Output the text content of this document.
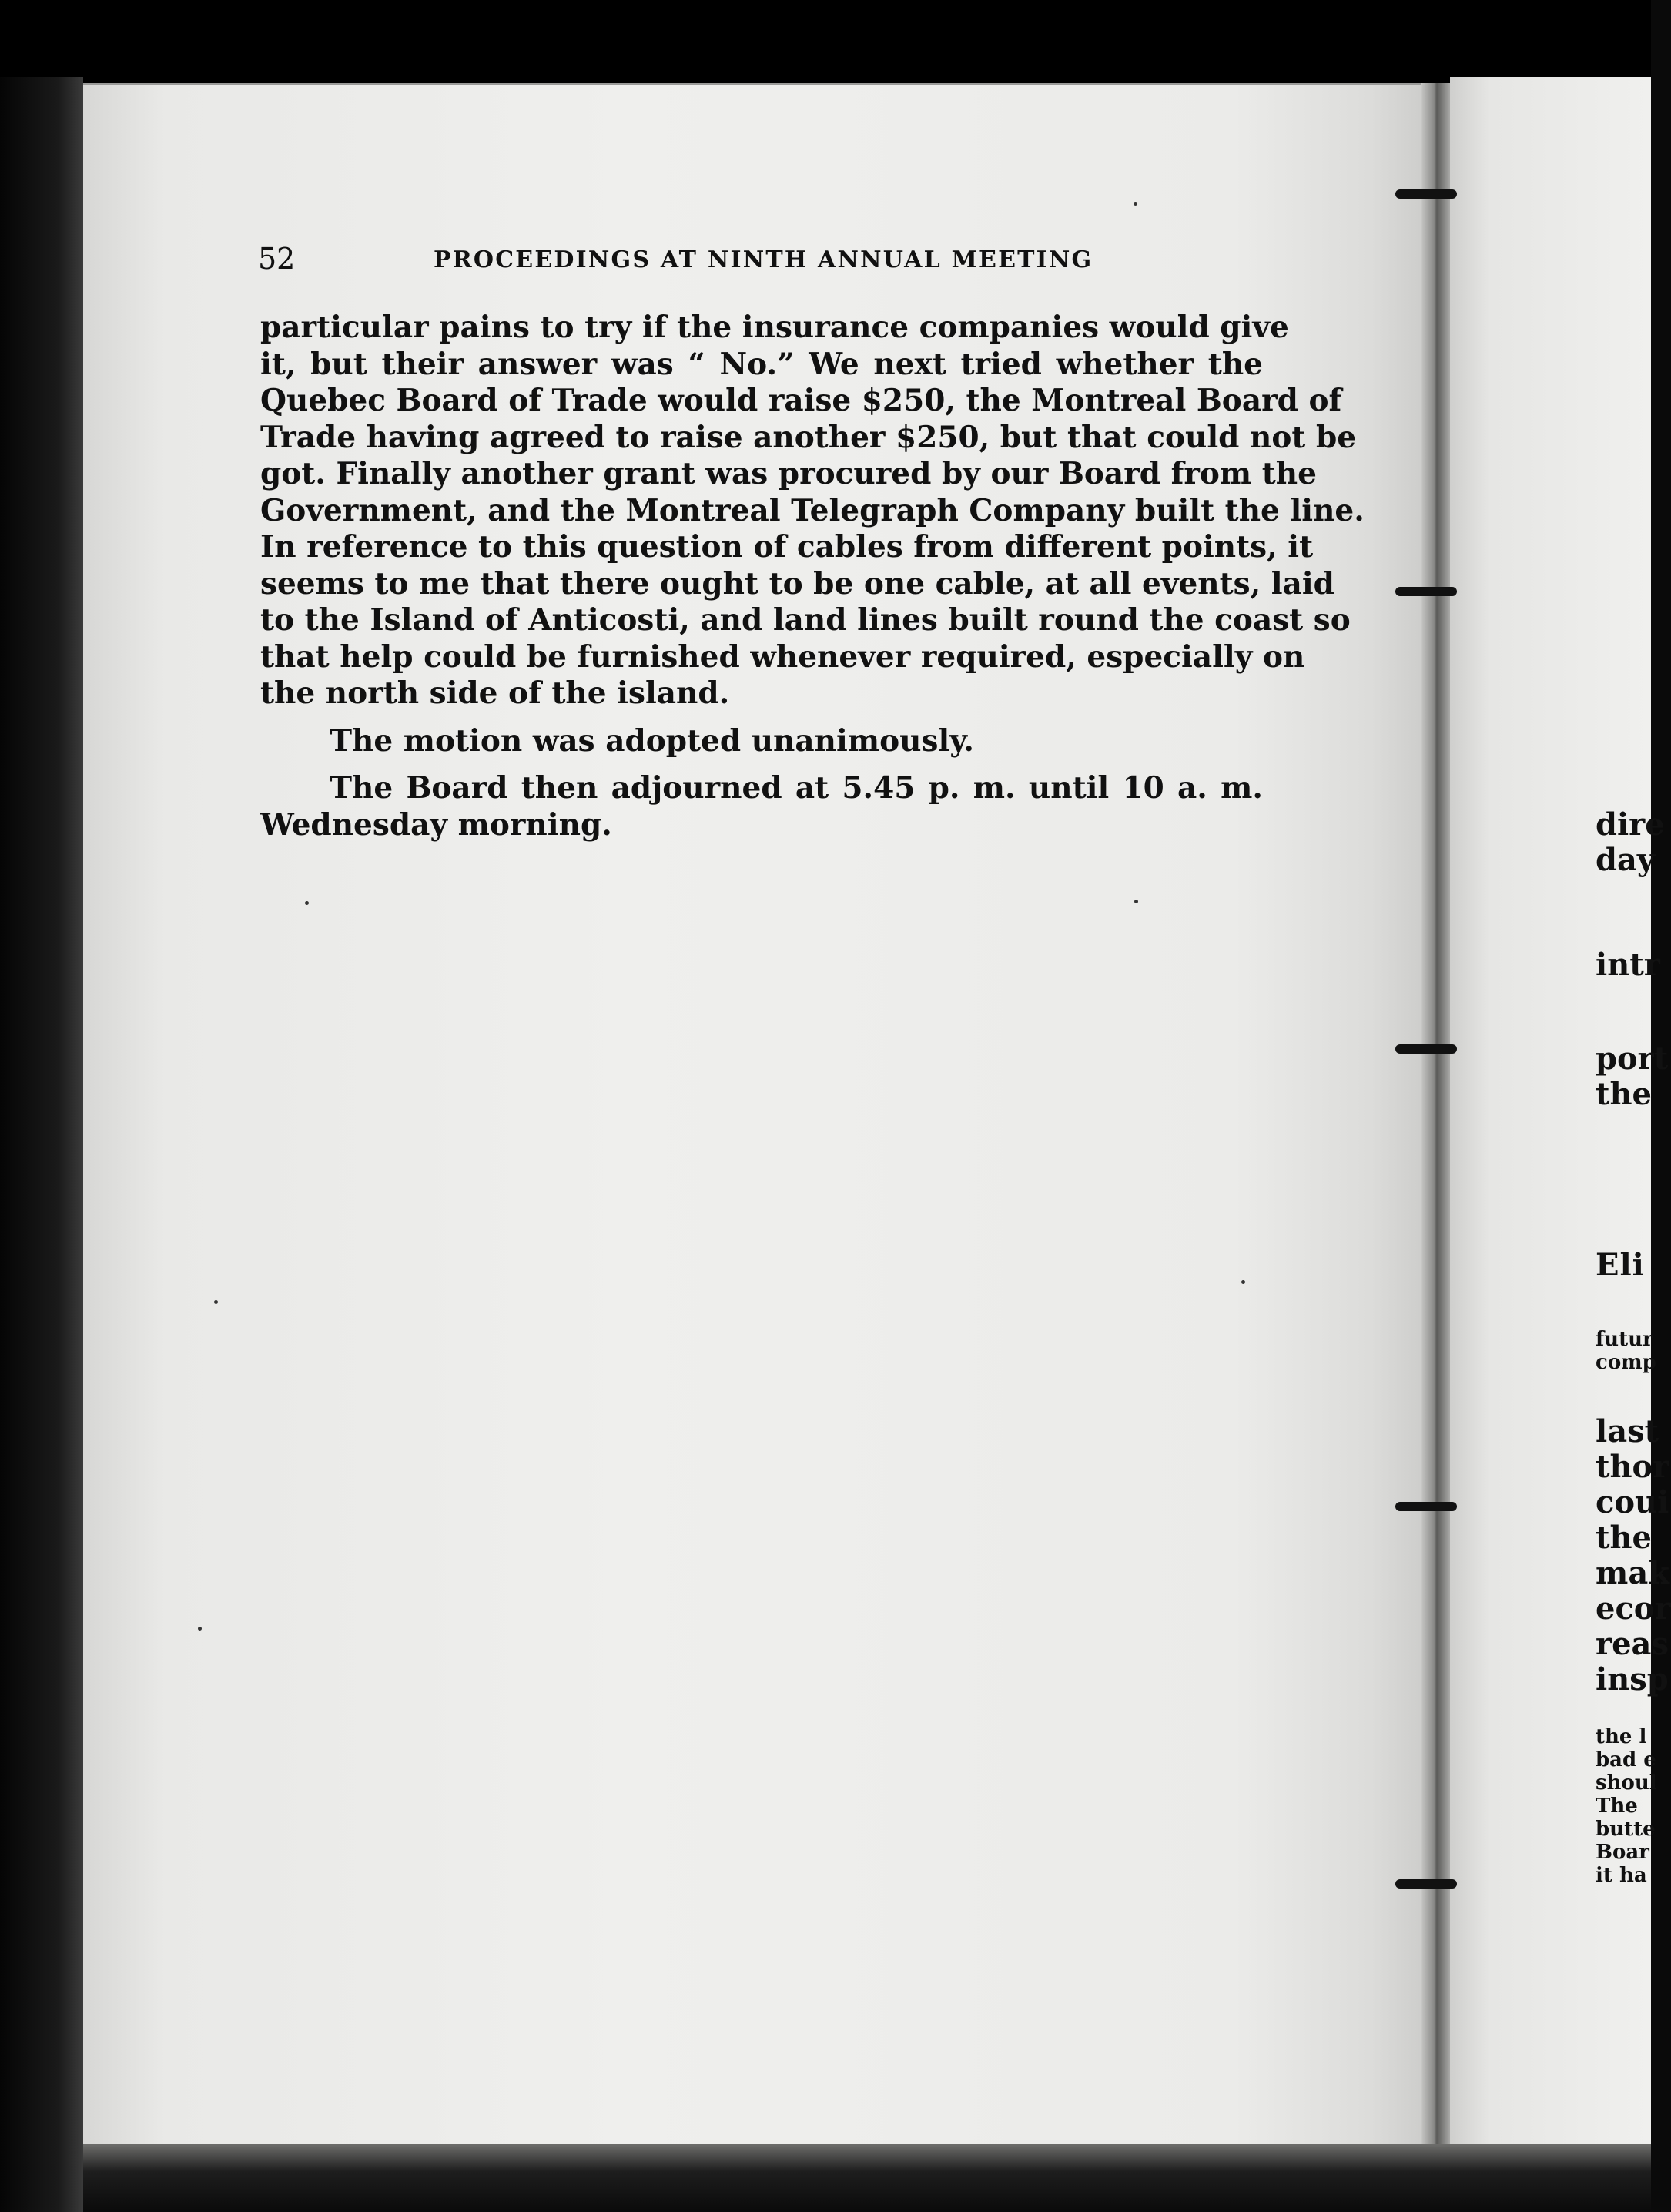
52	PROCEEDINGS AT NINTH ANNUAL MEETING
particular pains to try if the insurance companies would give
it, but their answer was “ No.” We next tried whether the
Quebec Board of Trade would raise $250, the Montreal Board of
Trade having agreed to raise another $250, but that could not be
got. Finally another grant was procured by our Board from the
Government, and the Montreal Telegraph Company built the line.
In reference to this question of cables from different points, it
seems to me that there ought to be one cable, at all events, laid
to the Island of Anticosti, and land lines built round the coast so
that help could be furnished whenever required, especially on
the north side of the island.
The motion was adopted unanimously.
The Board then adjourned at 5.45 p. m. until 10 a. m.
Wednesday morning.	dire
day
intr
port
the
Eli
futur
comp
last
thor
coui
the
mak
ecor
reas
insp
the l
bad e
shoul
The
butte
Boar
it ha
